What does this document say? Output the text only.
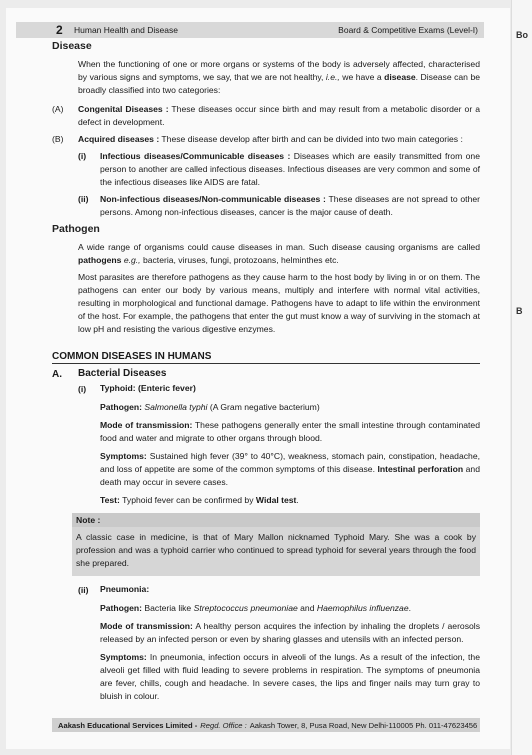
Bo
B
2	Human Health and Disease	Board & Competitive Exams (Level-I)
Disease

When the functioning of one or more organs or systems of the body is adversely affected, characterised by various signs and symptoms, we say, that we are not healthy, i.e., we have a disease. Disease can be broadly classified into two categories:

(A)	Congenital Diseases : These diseases occur since birth and may result from a metabolic disorder or a defect in development.

(B)	Acquired diseases : These disease develop after birth and can be divided into two main categories :

(i)	Infectious diseases/Communicable diseases : Diseases which are easily transmitted from one person to another are called infectious diseases. Infectious diseases are very common and some of the infectious diseases like AIDS are fatal.

(ii)	Non-infectious diseases/Non-communicable diseases : These diseases are not spread to other persons. Among non-infectious diseases, cancer is the major cause of death.

Pathogen

A wide range of organisms could cause diseases in man. Such disease causing organisms are called pathogens e.g., bacteria, viruses, fungi, protozoans, helminthes etc.

Most parasites are therefore pathogens as they cause harm to the host body by living in or on them. The pathogens can enter our body by various means, multiply and interfere with normal vital activities, resulting in morphological and functional damage. Pathogens have to adapt to life within the environment of the host. For example, the pathogens that enter the gut must know a way of surviving in the stomach at low pH and resisting the various digestive enzymes.

COMMON DISEASES IN HUMANS
A.	Bacterial Diseases
(i)	Typhoid: (Enteric fever)

Pathogen: Salmonella typhi (A Gram negative bacterium)

Mode of transmission: These pathogens generally enter the small intestine through contaminated food and water and migrate to other organs through blood.

Symptoms: Sustained high fever (39° to 40°C), weakness, stomach pain, constipation, headache, and loss of appetite are some of the common symptoms of this disease. Intestinal perforation and death may occur in severe cases.

Test: Typhoid fever can be confirmed by Widal test.

Note :

A classic case in medicine, is that of Mary Mallon nicknamed Typhoid Mary. She was a cook by profession and was a typhoid carrier who continued to spread typhoid for several years through the food she prepared.

(ii)	Pneumonia:

Pathogen: Bacteria like Streptococcus pneumoniae and Haemophilus influenzae.

Mode of transmission: A healthy person acquires the infection by inhaling the droplets / aerosols released by an infected person or even by sharing glasses and utensils with an infected person.

Symptoms: In pneumonia, infection occurs in alveoli of the lungs. As a result of the infection, the alveoli get filled with fluid leading to severe problems in respiration. The symptoms of pneumonia are fever, chills, cough and headache. In severe cases, the lips and finger nails may turn gray to bluish in colour.

Aakash Educational Services Limited - Regd. Office : Aakash Tower, 8, Pusa Road, New Delhi-110005 Ph. 011-47623456
